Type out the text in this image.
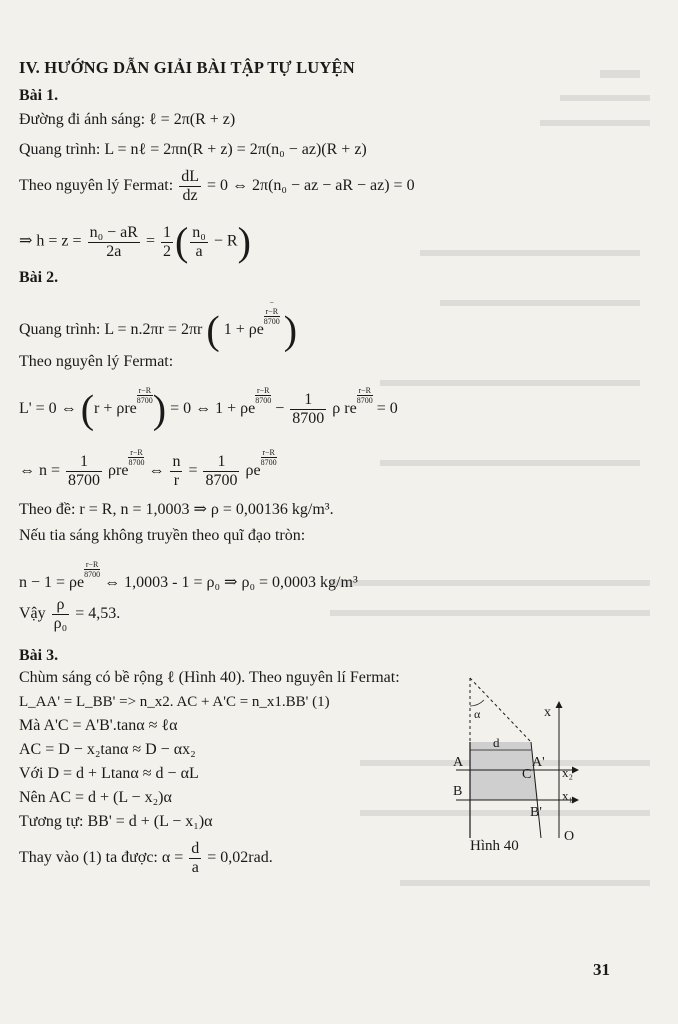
IV. HƯỚNG DẪN GIẢI BÀI TẬP TỰ LUYỆN
Bài 1.
Đường đi ánh sáng: ℓ = 2π(R + z)
Quang trình: L = nℓ = 2πn(R + z) = 2π(n₀ − az)(R + z)
Theo nguyên lý Fermat: $\frac{dL}{dz} = 0$ ⇔ 2π(n₀ − az − aR − az) = 0
⇒ $h = z = \frac{\text{n₀ − aR}}{2a} = \frac{1}{2}$ ( $\frac{\text{n₀}}{a} - R$)
Bài 2.
Quang trình: L = n.2πr = 2πr ( 1 + ρe−
r−R
8700 )
Theo nguyên lý Fermat:
L' = 0 ⇔ (r + ρre
$\frac{r-R}{8700}) = 0$ ⇔ 1 + ρe
$\frac{r-R}{8700} - \frac{1}{8700}$ ρ re
$\frac{r-R}{8700} = 0$
⇔ $n = \frac{1}{8700}$ ρre
$\frac{r-R}{8700}$ ⇔ $\frac{n}{r} = \frac{1}{8700}$ ρe
$\frac{r-R}{8700}$
Theo đề: r = R, n = 1,0003 ⇒ ρ = 0,00136 kg/m³.
Nếu tia sáng không truyền theo quĩ đạo tròn:
n − 1 = ρe
$\frac{r-R}{8700}$ ⇔ 1,0003 - 1 = ρ₀ ⇒ ρ₀ = 0,0003 kg/m³
Vậy $\frac{\rho}{\text{ρ₀}} = 4,53$.
Bài 3.
Chùm sáng có bề rộng ℓ (Hình 40). Theo nguyên lí Fermat:
L_AA' = L_BB' => n_x2. AC + A'C = n_x1.BB' (1)
Mà A'C = A'B'.tanα ≈ ℓα
AC = D − x₂tanα ≈ D − αx₂
Với D = d + Ltanα ≈ d − αL
Nên AC = d + (L − x₂)α
Tương tự: BB' = d + (L − x₁)α
Thay vào (1) ta được: $\alpha = \frac{d}{a} = 0,02rad$.
α
d
A
C
A'
x₂
B
B'
x₁
x
O
Hình 40
31
